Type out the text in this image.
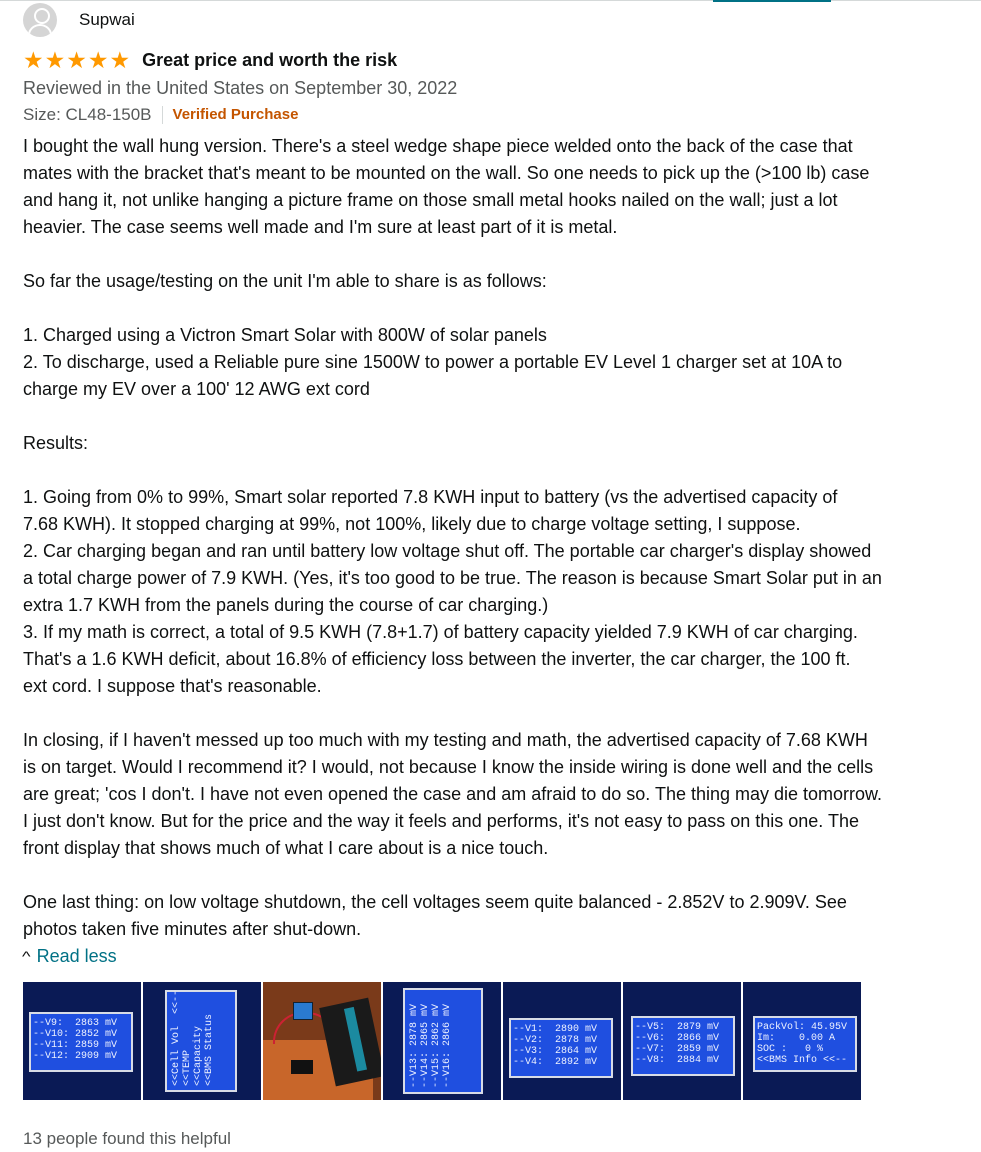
Supwai
★ ★ ★ ★ ★ Great price and worth the risk
Reviewed in the United States on September 30, 2022
Size: CL48-150B Verified Purchase

I bought the wall hung version. There's a steel wedge shape piece welded onto the back of the case that
mates with the bracket that's meant to be mounted on the wall. So one needs to pick up the (>100 lb) case
and hang it, not unlike hanging a picture frame on those small metal hooks nailed on the wall; just a lot
heavier. The case seems well made and I'm sure at least part of it is metal.

So far the usage/testing on the unit I'm able to share is as follows:

1. Charged using a Victron Smart Solar with 800W of solar panels
2. To discharge, used a Reliable pure sine 1500W to power a portable EV Level 1 charger set at 10A to
charge my EV over a 100' 12 AWG ext cord

Results:

1. Going from 0% to 99%, Smart solar reported 7.8 KWH input to battery (vs the advertised capacity of
7.68 KWH). It stopped charging at 99%, not 100%, likely due to charge voltage setting, I suppose.
2. Car charging began and ran until battery low voltage shut off. The portable car charger's display showed
a total charge power of 7.9 KWH. (Yes, it's too good to be true. The reason is because Smart Solar put in an
extra 1.7 KWH from the panels during the course of car charging.)
3. If my math is correct, a total of 9.5 KWH (7.8+1.7) of battery capacity yielded 7.9 KWH of car charging.
That's a 1.6 KWH deficit, about 16.8% of efficiency loss between the inverter, the car charger, the 100 ft.
ext cord. I suppose that's reasonable.

In closing, if I haven't messed up too much with my testing and math, the advertised capacity of 7.68 KWH
is on target. Would I recommend it? I would, not because I know the inside wiring is done well and the cells
are great; 'cos I don't. I have not even opened the case and am afraid to do so. The thing may die tomorrow.
I just don't know. But for the price and the way it feels and performs, it's not easy to pass on this one. The
front display that shows much of what I care about is a nice touch.

One last thing: on low voltage shutdown, the cell voltages seem quite balanced - 2.852V to 2.909V. See
photos taken five minutes after shut-down.

^ Read less
--V9:  2863 mV
--V10: 2852 mV
--V11: 2859 mV
--V12: 2909 mV	<<Cell Vol  <<-- <<TEMP <<Capacity <<BMS Status	--V13: 2878 mV --V14: 2865 mV --V15: 2862 mV --V16: 2866 mV	--V1:  2890 mV
--V2:  2878 mV
--V3:  2864 mV
--V4:  2892 mV
--V5:  2879 mV
--V6:  2866 mV
--V7:  2859 mV
--V8:  2884 mV
PackVol: 45.95V
Im:    0.00 A
SOC :   0 %
<<BMS Info <<--
13 people found this helpful
